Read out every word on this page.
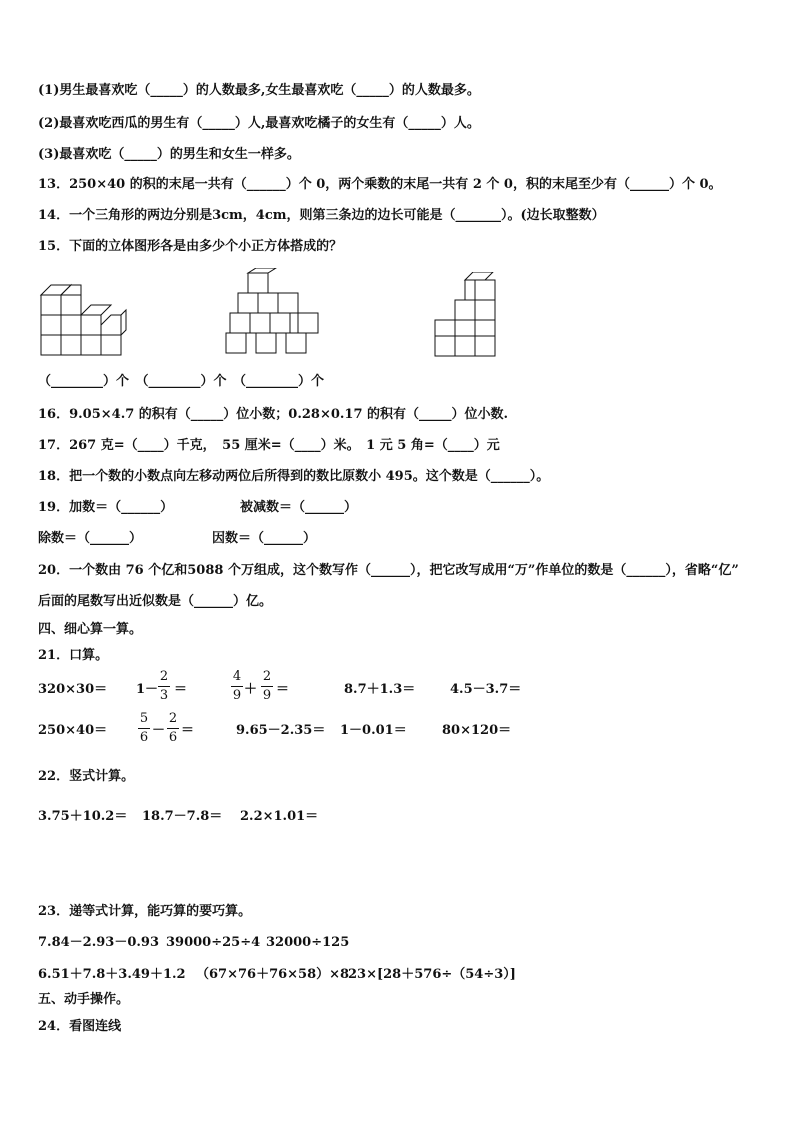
(1)男生最喜欢吃（_____）的人数最多,女生最喜欢吃（_____）的人数最多。
(2)最喜欢吃西瓜的男生有（_____）人,最喜欢吃橘子的女生有（_____）人。
(3)最喜欢吃（_____）的男生和女生一样多。
13．250×40 的积的末尾一共有（______）个 0，两个乘数的末尾一共有 2 个 0，积的末尾至少有（______）个 0。
14．一个三角形的两边分别是3cm，4cm，则第三条边的边长可能是（_______）。(边长取整数）
15．下面的立体图形各是由多少个小正方体搭成的？
（________）个　（________）个　（________）个
16．9.05×4.7 的积有（_____）位小数；0.28×0.17 的积有（_____）位小数.
17．267 克=（____）千克，　55 厘米=（____）米。　1 元 5 角=（____）元
18．把一个数的小数点向左移动两位后所得到的数比原数小 495。这个数是（______）。
19．加数＝（______）	被减数＝（______）
除数＝（______）	因数＝（______）
20．一个数由 76 个亿和5088 个万组成，这个数写作（______），把它改写成用“万”作单位的数是（______），省略“亿”
后面的尾数写出近似数是（______）亿。
四、细心算一算。
21．口算。
320×30＝ 1－
2
3 ＝
4
9 ＋
2
9 ＝	8.7＋1.3＝	4.5－3.7＝
250×40＝
5
6 －
2
6 ＝	9.65－2.35＝ 1－0.01＝	80×120＝
22．竖式计算。
3.75＋10.2＝ 18.7－7.8＝ 2.2×1.01＝
23．递等式计算，能巧算的要巧算。
7.84－2.93－0.93 39000÷25÷4 32000÷125
6.51＋7.8＋3.49＋1.2 （67×76＋76×58）×8
23×[28＋576÷（54÷3）]
五、动手操作。
24．看图连线
